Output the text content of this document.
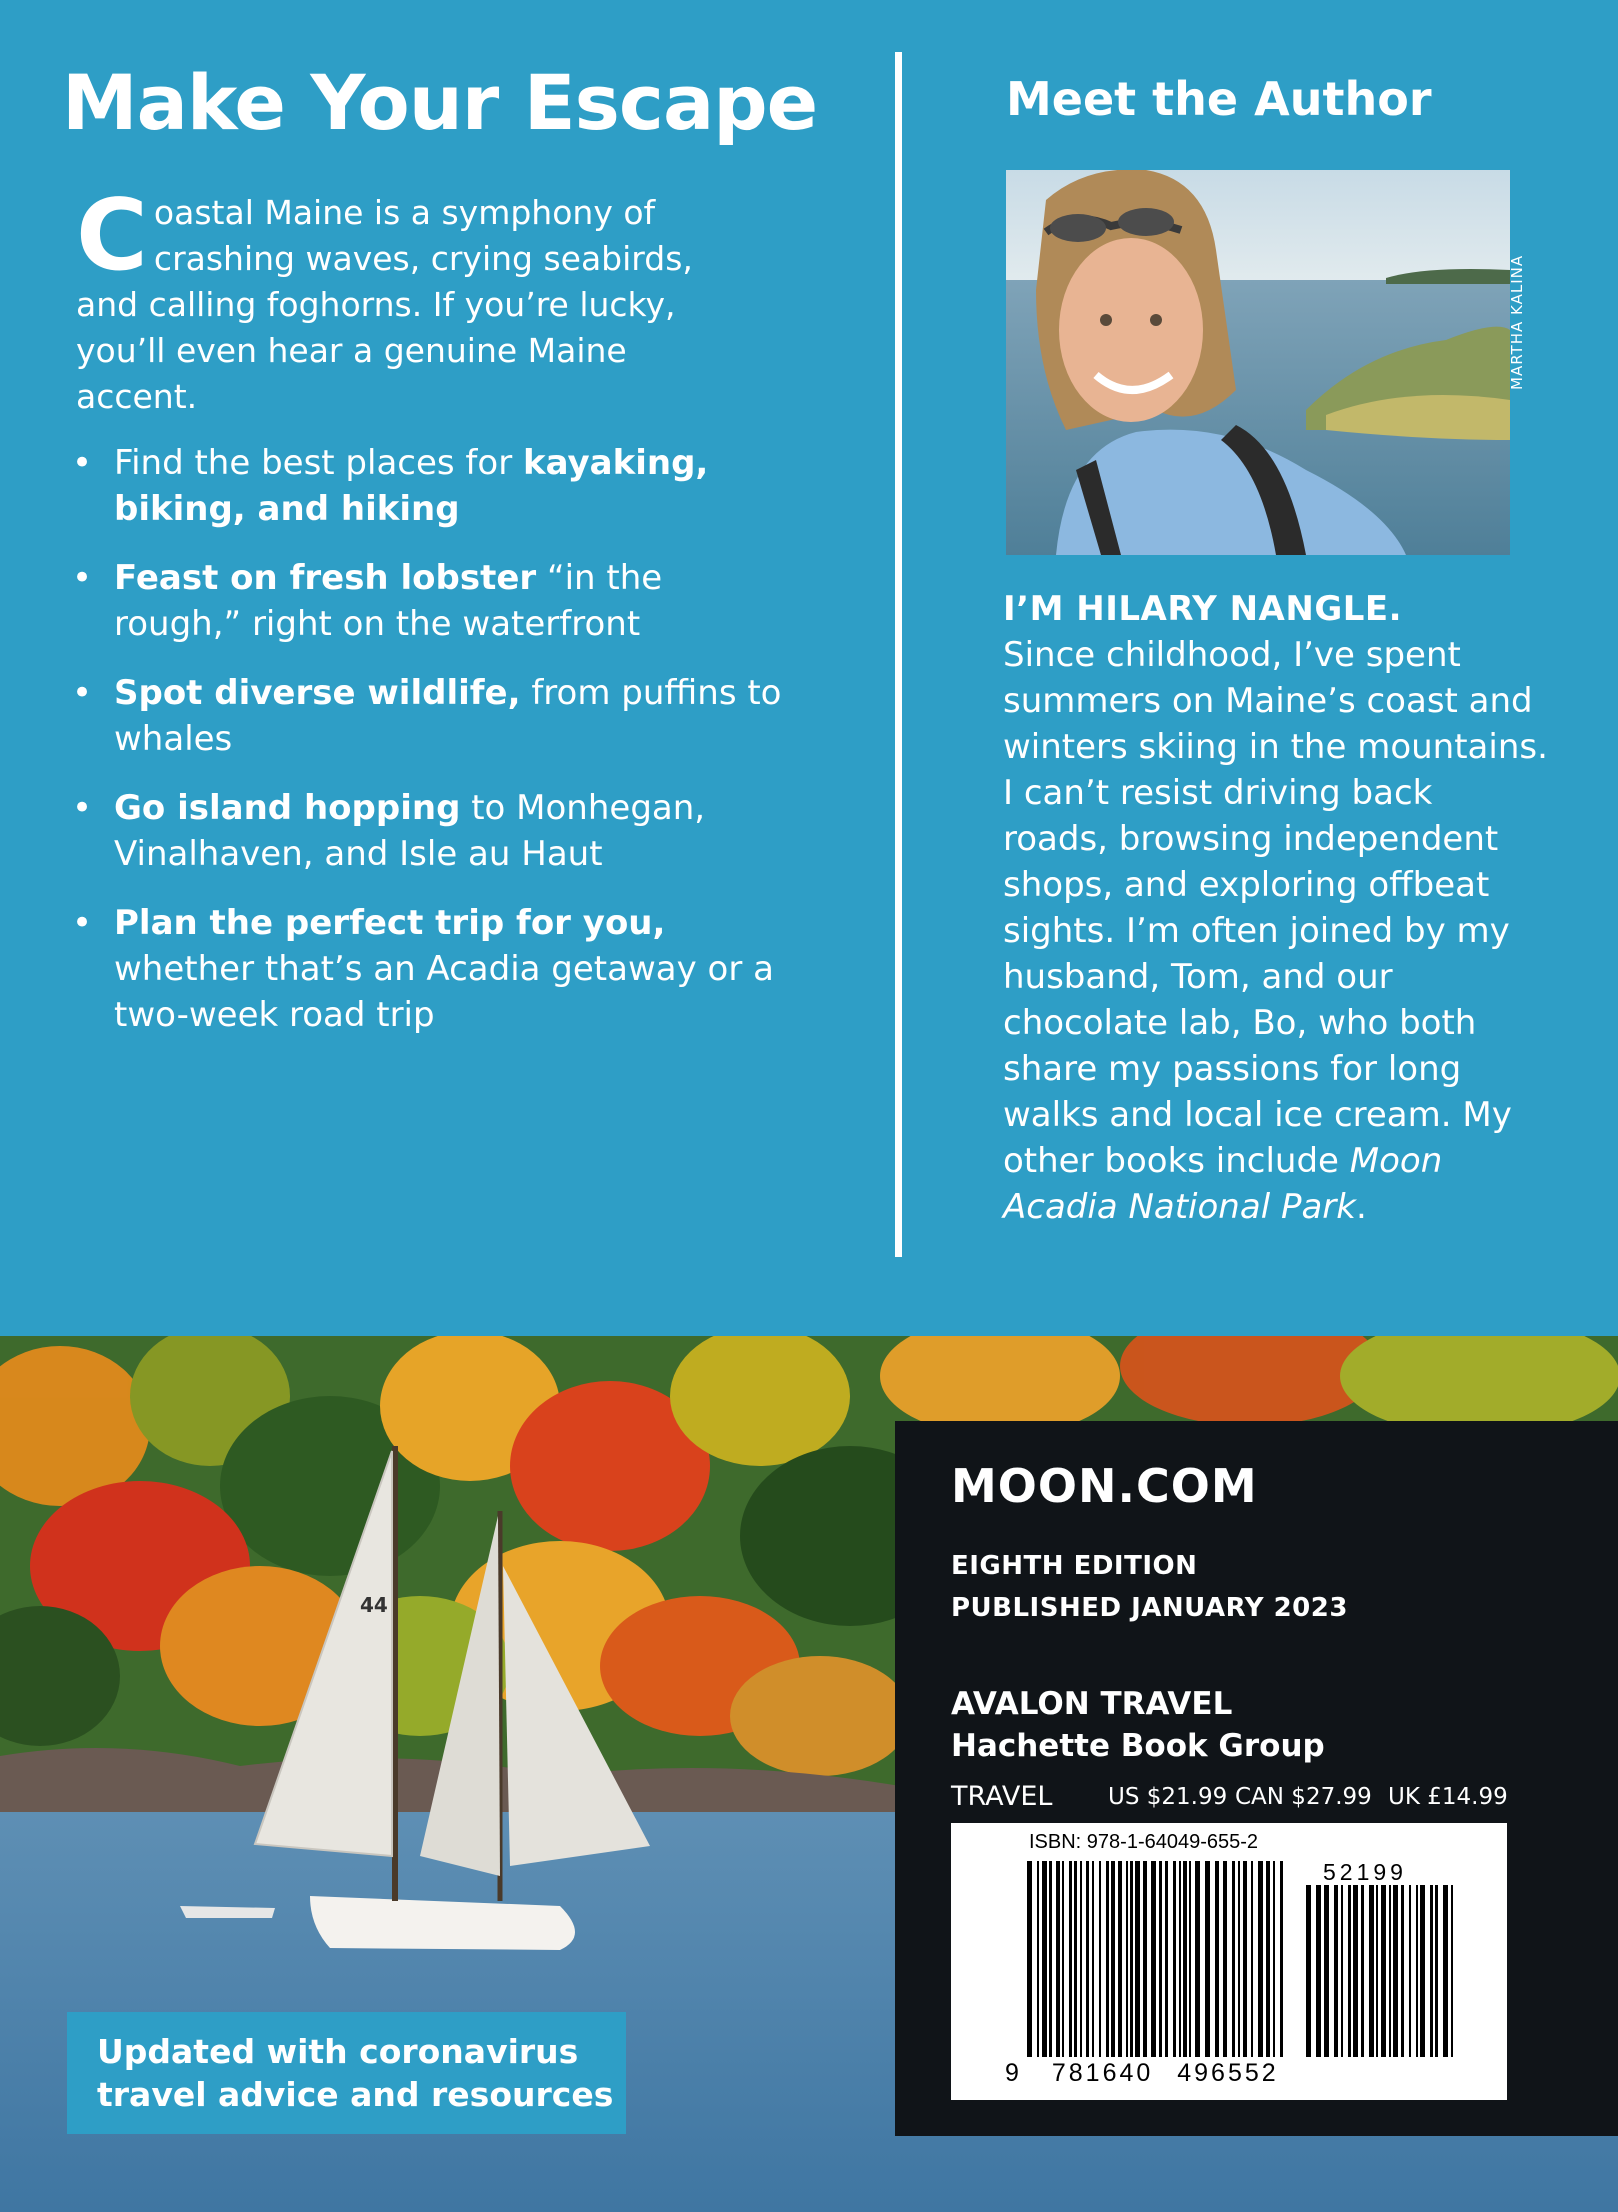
Make Your Escape
Coastal Maine is a symphony of crashing waves, crying seabirds, and calling foghorns. If you’re lucky, you’ll even hear a genuine Maine accent.
• Find the best places for kayaking, biking, and hiking
• Feast on fresh lobster “in the rough,” right on the waterfront
• Spot diverse wildlife, from puffins to whales
• Go island hopping to Monhegan, Vinalhaven, and Isle au Haut
• Plan the perfect trip for you, whether that’s an Acadia getaway or a two-week road trip
Meet the Author
MARTHA KALINA
I’M HILARY NANGLE.
Since childhood, I’ve spent summers on Maine’s coast and winters skiing in the mountains. I can’t resist driving back roads, browsing independent shops, and exploring offbeat sights. I’m often joined by my husband, Tom, and our chocolate lab, Bo, who both share my passions for long walks and local ice cream. My other books include Moon Acadia National Park.
44
Updated with coronavirus travel advice and resources
MOON.COM
EIGHTH EDITION
PUBLISHED JANUARY 2023
AVALON TRAVEL
Hachette Book Group
TRAVEL US $21.99 CAN $27.99 UK £14.99
ISBN: 978-1-64049-655-2
52199
9 781640 496552
